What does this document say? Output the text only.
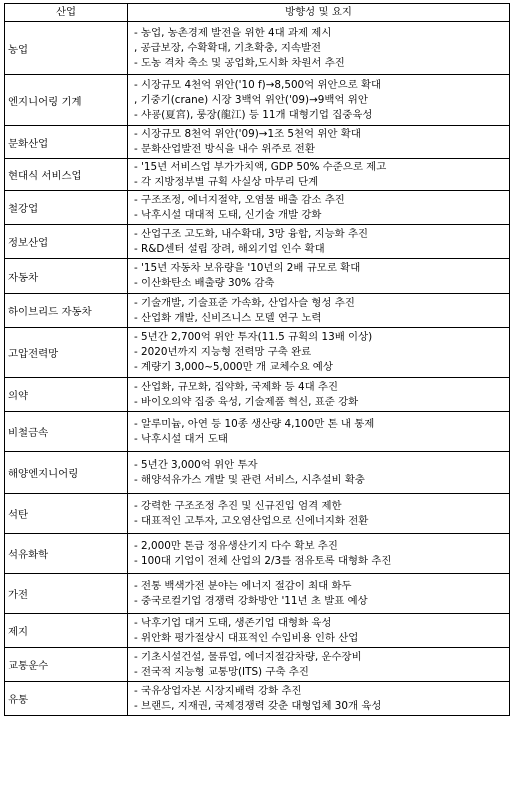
산업	방향성 및 요지
농업	- 농업, 농촌경제 발전을 위한 4대 과제 제시
, 공급보장, 수확확대, 기초확충, 지속발전
- 도농 격차 축소 및 공업화,도시화 차원서 추진

엔지니어링 기계	- 시장규모 4천억 위안('10 f)→8,500억 위안으로 확대
, 기중기(crane) 시장 3백억 위안('09)→9백억 위안
- 샤굥(夏宮), 룽장(龍江) 등 11개 대형기업 집중육성

문화산업	- 시장규모 8천억 위안('09)→1조 5천억 위안 확대
- 문화산업발전 방식을 내수 위주로 전환

현대식 서비스업	- '15년 서비스업 부가가치액, GDP 50% 수준으로 제고
- 각 지방정부별 규획 사실상 마무리 단계

철강업	- 구조조정, 에너지절약, 오염물 배출 감소 추진
- 낙후시설 대대적 도태, 신기술 개발 강화

정보산업	- 산업구조 고도화, 내수확대, 3망 융합, 지능화 추진
- R&D센터 설립 장려, 해외기업 인수 확대

자동차	- '15년 자동차 보유량을 '10년의 2배 규모로 확대
- 이산화탄소 배출량 30% 감축

하이브리드 자동차	- 기술개발, 기술표준 가속화, 산업사슬 형성 추진
- 산업화 개발, 신비즈니스 모델 연구 노력

고압전력망	- 5년간 2,700억 위안 투자(11.5 규획의 13배 이상)
- 2020년까지 지능형 전력망 구축 완료
- 계량기 3,000~5,000만 개 교체수요 예상

의약	- 산업화, 규모화, 집약화, 국제화 등 4대 추진
- 바이오의약 집중 육성, 기술제품 혁신, 표준 강화

비철금속	- 알루미늄, 아연 등 10종 생산량 4,100만 톤 내 통제
- 낙후시설 대거 도태

해양엔지니어링	- 5년간 3,000억 위안 투자
- 해양석유가스 개발 및 관련 서비스, 시추설비 확충

석탄	- 강력한 구조조정 추진 및 신규진입 엄격 제한
- 대표적인 고투자, 고오염산업으로 신에너지화 전환

석유화학	- 2,000만 톤급 정유생산기지 다수 확보 추진
- 100대 기업이 전체 산업의 2/3를 점유토록 대형화 추진

가전	- 전통 백색가전 분야는 에너지 절감이 최대 화두
- 중국로컬기업 경쟁력 강화방안 '11년 초 발표 예상

제지	- 낙후기업 대거 도태, 생존기업 대형화 육성
- 위안화 평가절상시 대표적인 수입비용 인하 산업

교통운수	- 기초시설건설, 물류업, 에너지절감차량, 운수장비
- 전국적 지능형 교통망(ITS) 구축 추진

유통	- 국유상업자본 시장지배력 강화 추진
- 브랜드, 지재권, 국제경쟁력 갖춘 대형업체 30개 육성
